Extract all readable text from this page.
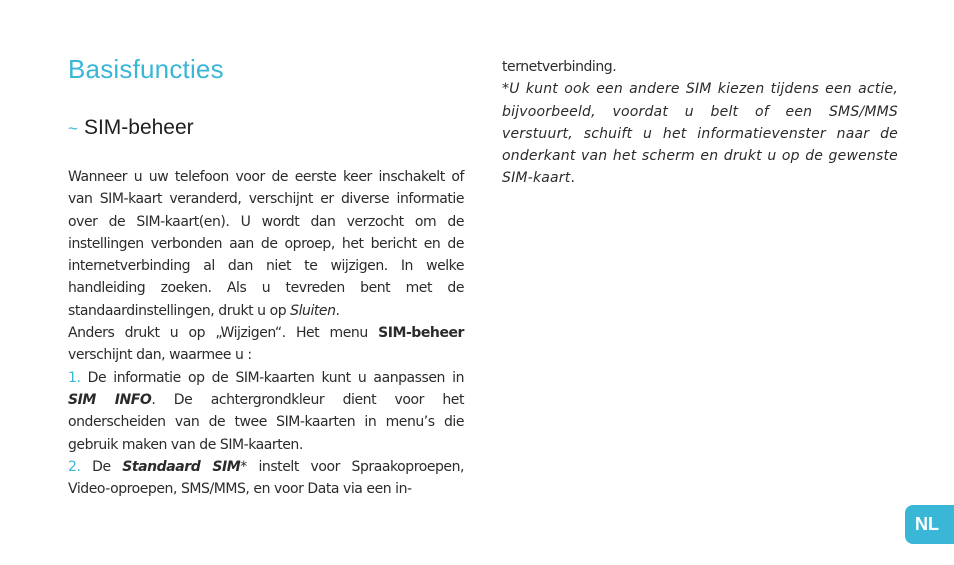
Basisfuncties
~ SIM-beheer

Wanneer u uw telefoon voor de eerste keer inschakelt of van SIM-kaart veranderd, verschijnt er diverse informatie over de SIM-kaart(en). U wordt dan verzocht om de instellingen verbonden aan de oproep, het bericht en de internetverbinding al dan niet te wijzigen. In welke handleiding zoeken. Als u tevreden bent met de standaardinstellingen, drukt u op Sluiten.

Anders drukt u op „Wijzigen“. Het menu SIM-beheer verschijnt dan, waarmee u :

1. De informatie op de SIM-kaarten kunt u aanpassen in SIM INFO. De achtergrondkleur dient voor het onderscheiden van de twee SIM-kaarten in menu’s die gebruik maken van de SIM-kaarten.

2. De Standaard SIM* instelt voor Spraakoproepen, Video-oproepen, SMS/MMS, en voor Data via een in-

ternetverbinding.

*U kunt ook een andere SIM kiezen tijdens een actie, bijvoorbeeld, voordat u belt of een SMS/MMS verstuurt, schuift u het informatievenster naar de onderkant van het scherm en drukt u op de gewenste SIM-kaart.

NL
